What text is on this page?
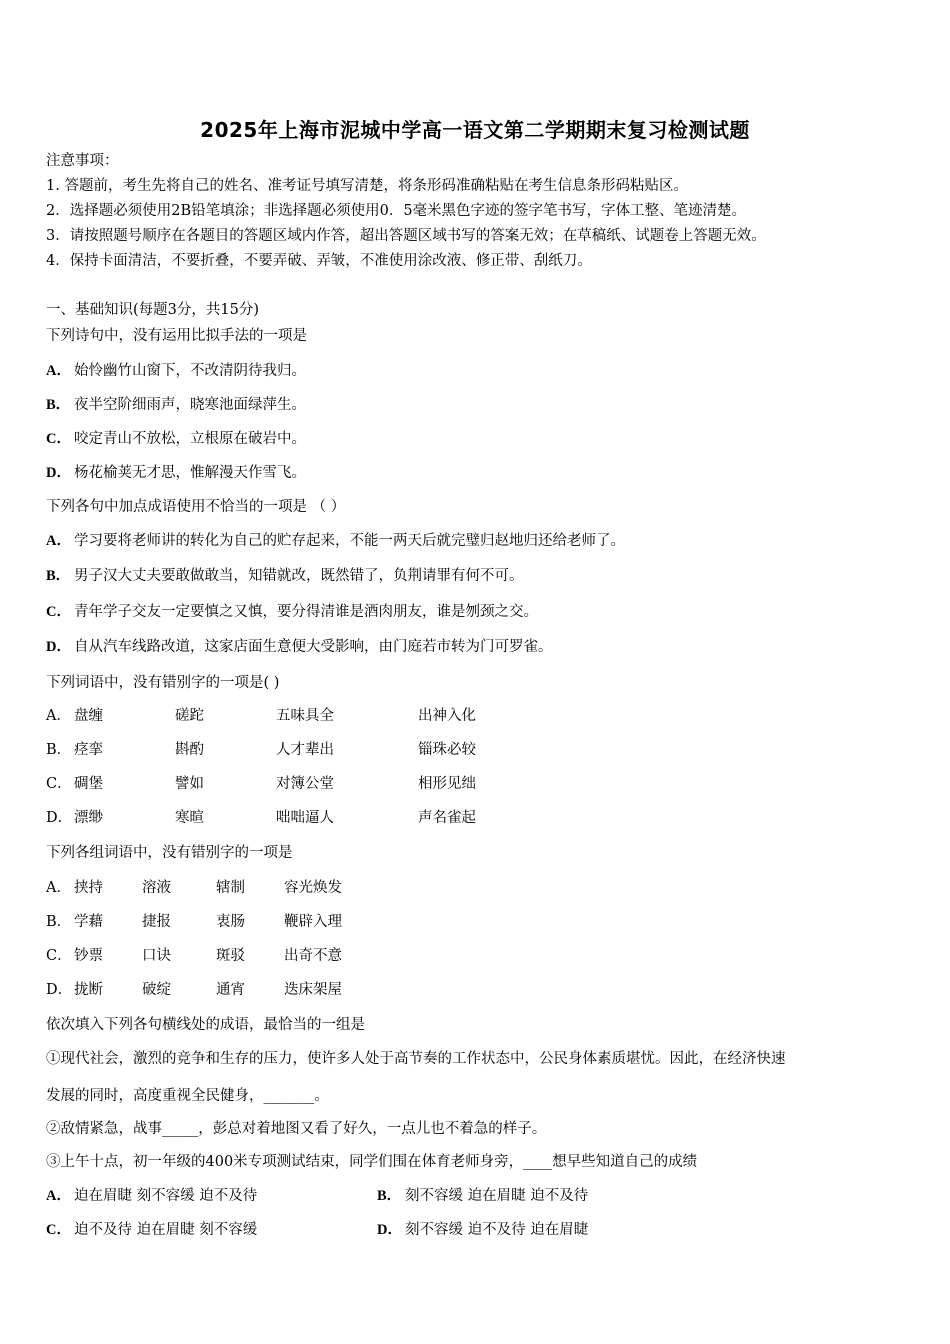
2025年上海市泥城中学高一语文第二学期期末复习检测试题
注意事项：
1. 答题前，考生先将自己的姓名、准考证号填写清楚，将条形码准确粘贴在考生信息条形码粘贴区。
2．选择题必须使用2B铅笔填涂；非选择题必须使用0．5毫米黑色字迹的签字笔书写，字体工整、笔迹清楚。
3．请按照题号顺序在各题目的答题区域内作答，超出答题区域书写的答案无效；在草稿纸、试题卷上答题无效。
4．保持卡面清洁，不要折叠，不要弄破、弄皱，不准使用涂改液、修正带、刮纸刀。
一、基础知识(每题3分，共15分)
下列诗句中，没有运用比拟手法的一项是
A． 始怜幽竹山窗下，不改清阴待我归。
B． 夜半空阶细雨声，晓寒池面绿萍生。
C． 咬定青山不放松，立根原在破岩中。
D． 杨花榆荚无才思，惟解漫天作雪飞。
下列各句中加点成语使用不恰当的一项是 （ ）
A． 学习要将老师讲的转化为自己的贮存起来，不能一两天后就完璧归赵地归还给老师了。
B． 男子汉大丈夫要敢做敢当，知错就改，既然错了，负荆请罪有何不可。
C． 青年学子交友一定要慎之又慎，要分得清谁是酒肉朋友，谁是刎颈之交。
D． 自从汽车线路改道，这家店面生意便大受影响，由门庭若市转为门可罗雀。
下列词语中，没有错别字的一项是( )
A． 盘缠	磋跎	五味具全	出神入化
B． 痉挛	斟酌	人才辈出	锱珠必较
C． 碉堡	譬如	对簿公堂	相形见绌
D． 漂缈	寒暄	咄咄逼人	声名雀起
下列各组词语中，没有错别字的一项是
A． 挟持	溶液	辖制	容光焕发
B． 学藉	捷报	衷肠	鞭辟入理
C． 钞票	口诀	斑驳	出奇不意
D． 拢断	破绽	通宵	迭床架屋
依次填入下列各句横线处的成语，最恰当的一组是
①现代社会，激烈的竞争和生存的压力，使许多人处于高节奏的工作状态中，公民身体素质堪忧。因此，在经济快速
发展的同时，高度重视全民健身，_______。
②敌情紧急，战事_____，彭总对着地图又看了好久，一点儿也不着急的样子。
③上午十点，初一年级的400米专项测试结束，同学们围在体育老师身旁，____想早些知道自己的成绩
A． 迫在眉睫 刻不容缓 迫不及待	B． 刻不容缓 迫在眉睫 迫不及待
C． 迫不及待 迫在眉睫 刻不容缓	D． 刻不容缓 迫不及待 迫在眉睫
